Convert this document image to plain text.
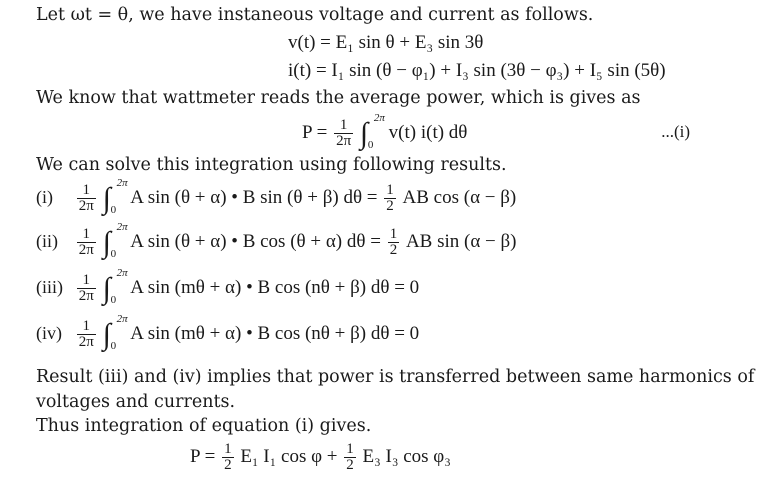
Let ωt = θ, we have instaneous voltage and current as follows.
v(t) = E₁ sin θ + E₃ sin 3θ
i(t) = I₁ sin (θ − φ₁) + I₃ sin (3θ − φ₃) + I₅ sin (5θ)
We know that wattmeter reads the average power, which is gives as
$P = \frac{1}{2\pi}$ ∫ 2π
0
v(t) i(t) dθ	...(i)
We can solve this integration using following results.
$(i) \frac{1}{2\pi}$ ∫ 2π
0
A sin (θ + α) • B sin (θ + β) $d\theta = \frac{1}{2}$ AB cos (α − β)
$(ii) \frac{1}{2\pi}$ ∫ 2π
0
A sin (θ + α) • B cos (θ + α) $d\theta = \frac{1}{2}$ AB sin (α − β)
$(iii) \frac{1}{2\pi}$ ∫ 2π
0
A sin (mθ + α) • B cos (nθ + β) dθ = 0
$(iv) \frac{1}{2\pi}$ ∫ 2π
0
A sin (mθ + α) • B cos (nθ + β) dθ = 0
Result (iii) and (iv) implies that power is transferred between same harmonics of
voltages and currents.
Thus integration of equation (i) gives.
$P = \frac{1}{2} E_1$ I₁ $\cos \varphi + \frac{1}{2} E_3$ I₃ cos φ₃
